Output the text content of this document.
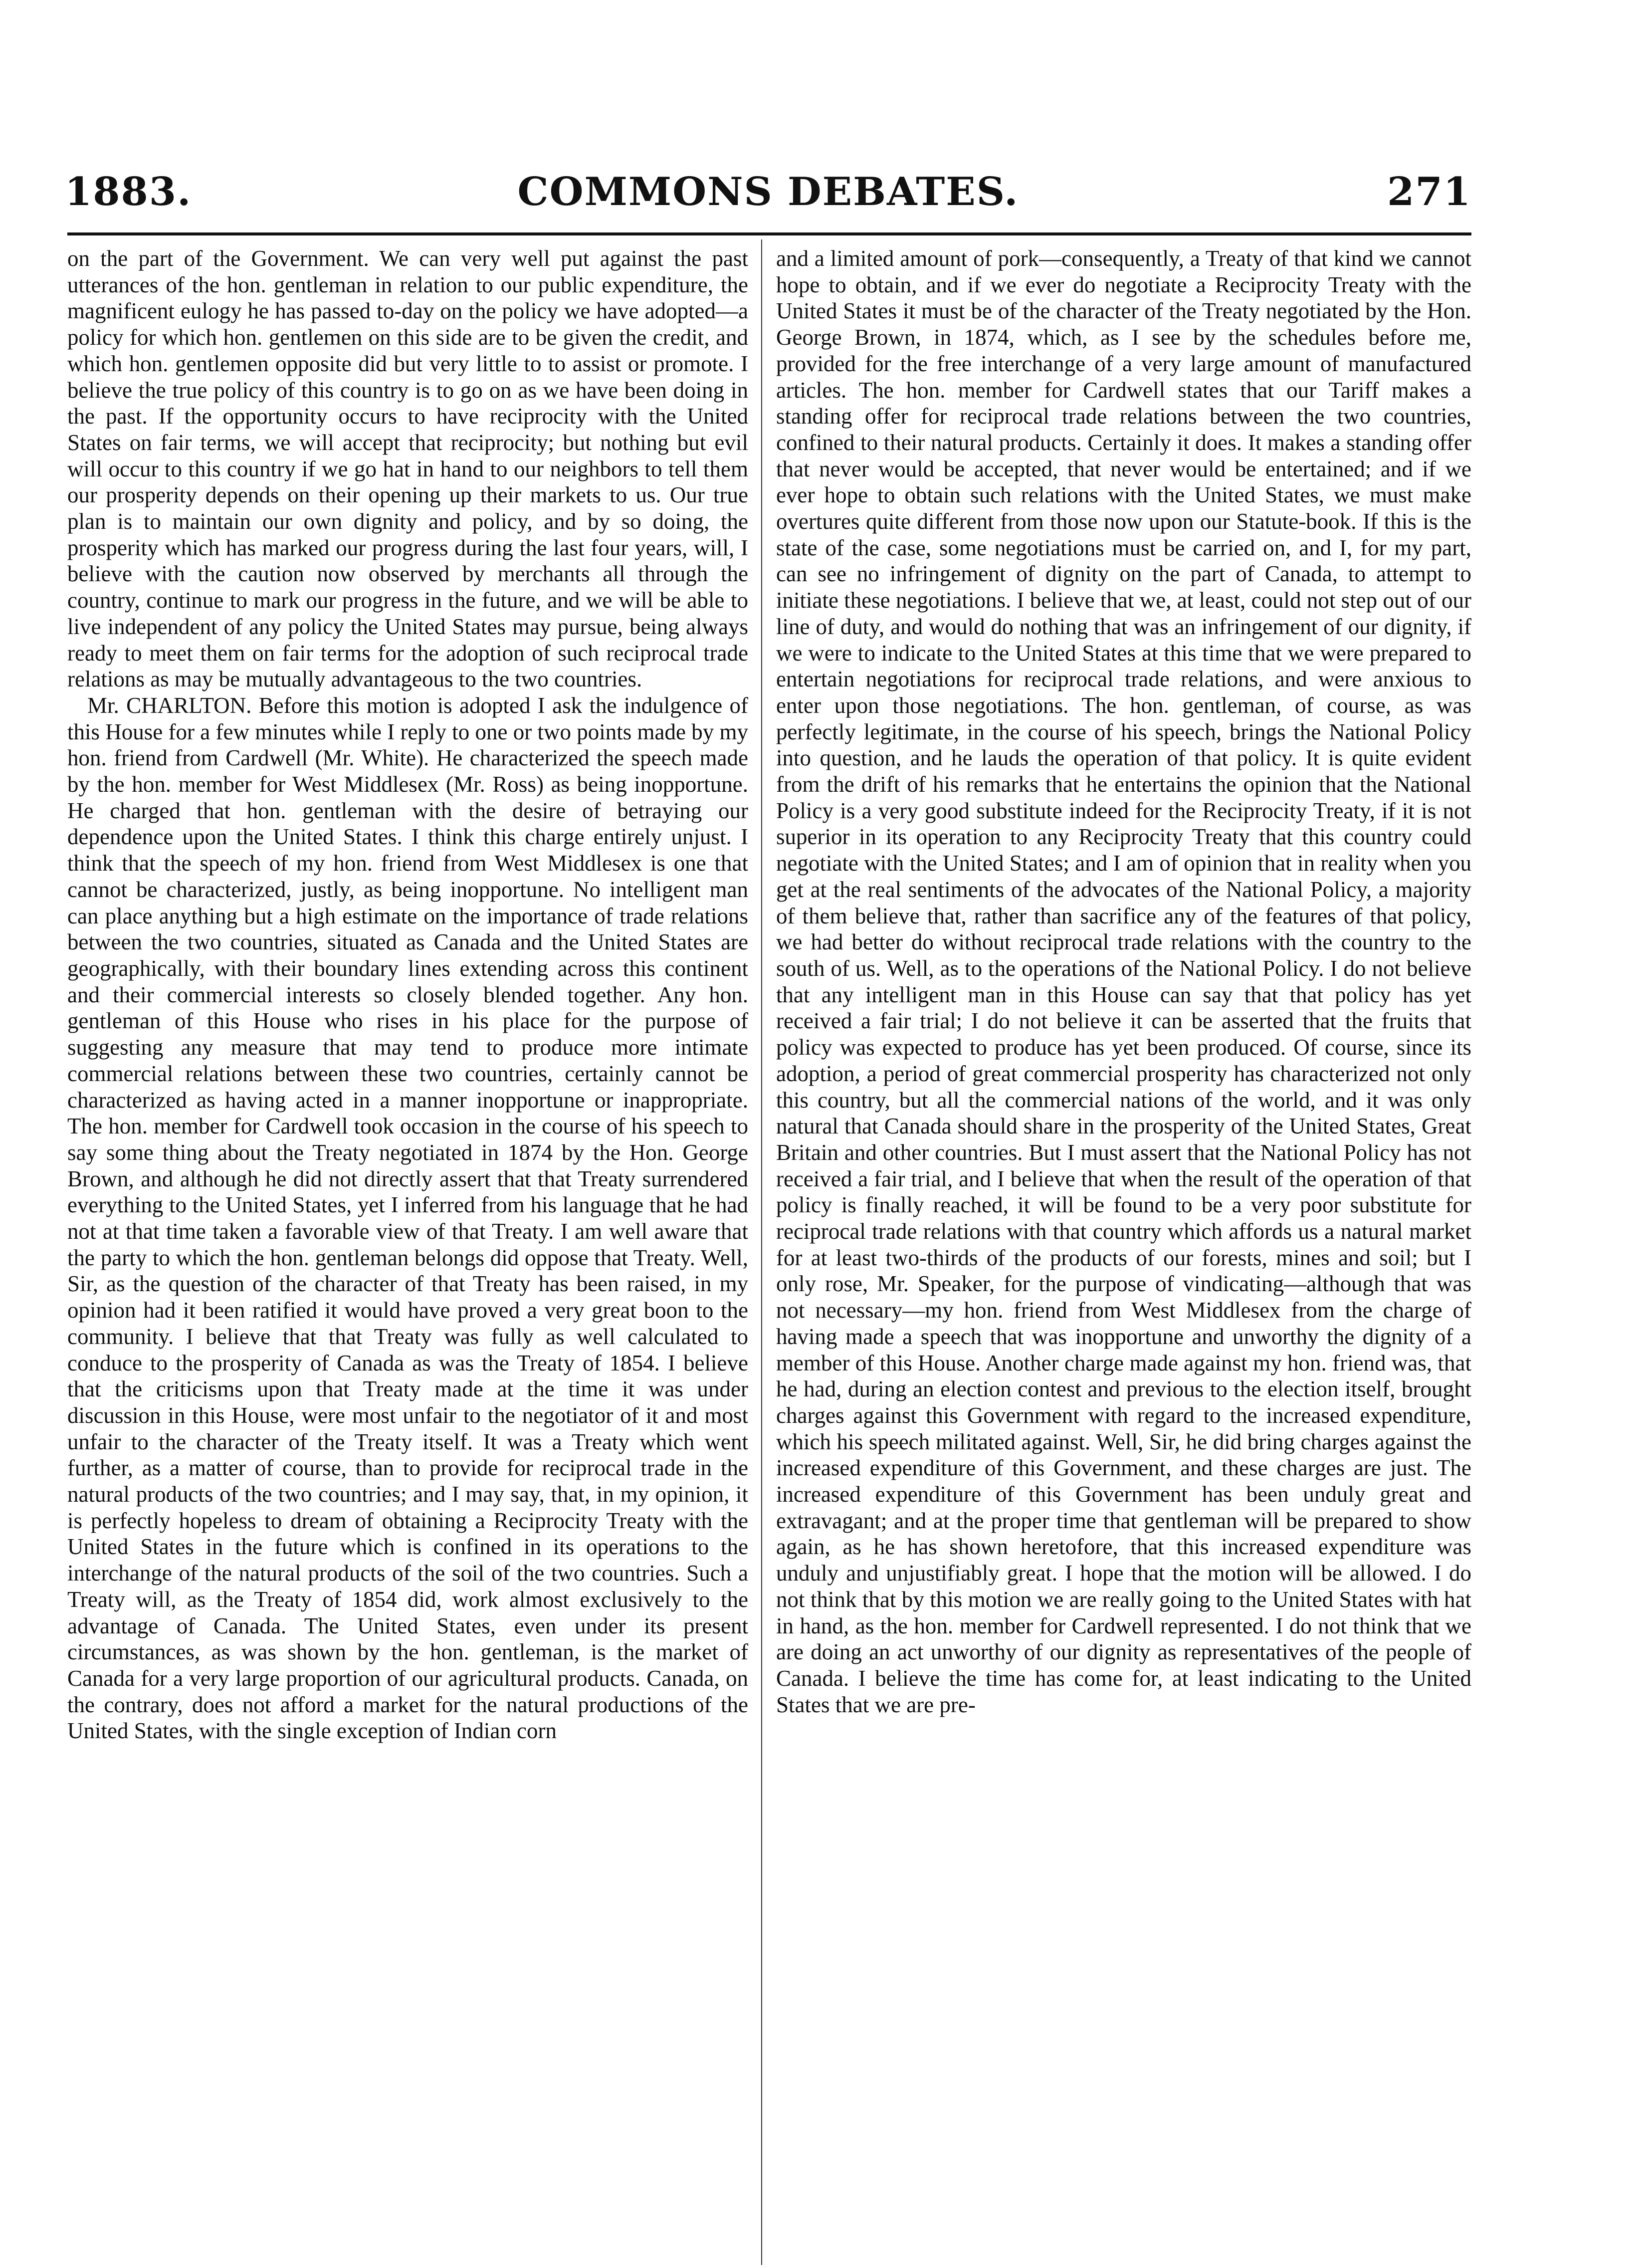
1883.	COMMONS DEBATES.	271

on the part of the Government. We can very well put against the past utterances of the hon. gentleman in relation to our public expenditure, the magnificent eulogy he has passed to-day on the policy we have adopted—a policy for which hon. gentlemen on this side are to be given the credit, and which hon. gentlemen opposite did but very little to to assist or promote. I believe the true policy of this country is to go on as we have been doing in the past. If the opportunity occurs to have reciprocity with the United States on fair terms, we will accept that reciprocity; but nothing but evil will occur to this country if we go hat in hand to our neighbors to tell them our prosperity depends on their opening up their markets to us. Our true plan is to maintain our own dignity and policy, and by so doing, the prosperity which has marked our progress during the last four years, will, I believe with the caution now observed by merchants all through the country, continue to mark our progress in the future, and we will be able to live independent of any policy the United States may pursue, being always ready to meet them on fair terms for the adoption of such reciprocal trade relations as may be mutually advantageous to the two countries.

Mr. CHARLTON. Before this motion is adopted I ask the indulgence of this House for a few minutes while I reply to one or two points made by my hon. friend from Cardwell (Mr. White). He characterized the speech made by the hon. member for West Middlesex (Mr. Ross) as being inopportune. He charged that hon. gentleman with the desire of betraying our dependence upon the United States. I think this charge entirely unjust. I think that the speech of my hon. friend from West Middlesex is one that cannot be characterized, justly, as being inopportune. No intelligent man can place anything but a high estimate on the importance of trade relations between the two countries, situated as Canada and the United States are geographically, with their boundary lines extending across this continent and their commercial interests so closely blended together. Any hon. gentleman of this House who rises in his place for the purpose of suggesting any measure that may tend to produce more intimate commercial relations between these two countries, certainly cannot be characterized as having acted in a manner inopportune or inappropriate. The hon. member for Cardwell took occasion in the course of his speech to say some thing about the Treaty negotiated in 1874 by the Hon. George Brown, and although he did not directly assert that that Treaty surrendered everything to the United States, yet I inferred from his language that he had not at that time taken a favorable view of that Treaty. I am well aware that the party to which the hon. gentleman belongs did oppose that Treaty. Well, Sir, as the question of the character of that Treaty has been raised, in my opinion had it been ratified it would have proved a very great boon to the community. I believe that that Treaty was fully as well calculated to conduce to the prosperity of Canada as was the Treaty of 1854. I believe that the criticisms upon that Treaty made at the time it was under discussion in this House, were most unfair to the negotiator of it and most unfair to the character of the Treaty itself. It was a Treaty which went further, as a matter of course, than to provide for reciprocal trade in the natural products of the two countries; and I may say, that, in my opinion, it is perfectly hopeless to dream of obtaining a Reciprocity Treaty with the United States in the future which is confined in its operations to the interchange of the natural products of the soil of the two countries. Such a Treaty will, as the Treaty of 1854 did, work almost exclusively to the advantage of Canada. The United States, even under its present circumstances, as was shown by the hon. gentleman, is the market of Canada for a very large proportion of our agricultural products. Canada, on the contrary, does not afford a market for the natural productions of the United States, with the single exception of Indian corn

and a limited amount of pork—consequently, a Treaty of that kind we cannot hope to obtain, and if we ever do negotiate a Reciprocity Treaty with the United States it must be of the character of the Treaty negotiated by the Hon. George Brown, in 1874, which, as I see by the schedules before me, provided for the free interchange of a very large amount of manufactured articles. The hon. member for Cardwell states that our Tariff makes a standing offer for reciprocal trade relations between the two countries, confined to their natural products. Certainly it does. It makes a standing offer that never would be accepted, that never would be entertained; and if we ever hope to obtain such relations with the United States, we must make overtures quite different from those now upon our Statute-book. If this is the state of the case, some negotiations must be carried on, and I, for my part, can see no infringement of dignity on the part of Canada, to attempt to initiate these negotiations. I believe that we, at least, could not step out of our line of duty, and would do nothing that was an infringement of our dignity, if we were to indicate to the United States at this time that we were prepared to entertain negotiations for reciprocal trade relations, and were anxious to enter upon those negotiations. The hon. gentleman, of course, as was perfectly legitimate, in the course of his speech, brings the National Policy into question, and he lauds the operation of that policy. It is quite evident from the drift of his remarks that he entertains the opinion that the National Policy is a very good substitute indeed for the Reciprocity Treaty, if it is not superior in its operation to any Reciprocity Treaty that this country could negotiate with the United States; and I am of opinion that in reality when you get at the real sentiments of the advocates of the National Policy, a majority of them believe that, rather than sacrifice any of the features of that policy, we had better do without reciprocal trade relations with the country to the south of us. Well, as to the operations of the National Policy. I do not believe that any intelligent man in this House can say that that policy has yet received a fair trial; I do not believe it can be asserted that the fruits that policy was expected to produce has yet been produced. Of course, since its adoption, a period of great commercial prosperity has characterized not only this country, but all the commercial nations of the world, and it was only natural that Canada should share in the prosperity of the United States, Great Britain and other countries. But I must assert that the National Policy has not received a fair trial, and I believe that when the result of the operation of that policy is finally reached, it will be found to be a very poor substitute for reciprocal trade relations with that country which affords us a natural market for at least two-thirds of the products of our forests, mines and soil; but I only rose, Mr. Speaker, for the purpose of vindicating—although that was not necessary—my hon. friend from West Middlesex from the charge of having made a speech that was inopportune and unworthy the dignity of a member of this House. Another charge made against my hon. friend was, that he had, during an election contest and previous to the election itself, brought charges against this Government with regard to the increased expenditure, which his speech militated against. Well, Sir, he did bring charges against the increased expenditure of this Government, and these charges are just. The increased expenditure of this Government has been unduly great and extravagant; and at the proper time that gentleman will be prepared to show again, as he has shown heretofore, that this increased expenditure was unduly and unjustifiably great. I hope that the motion will be allowed. I do not think that by this motion we are really going to the United States with hat in hand, as the hon. member for Cardwell represented. I do not think that we are doing an act unworthy of our dignity as representatives of the people of Canada. I believe the time has come for, at least indicating to the United States that we are pre-
